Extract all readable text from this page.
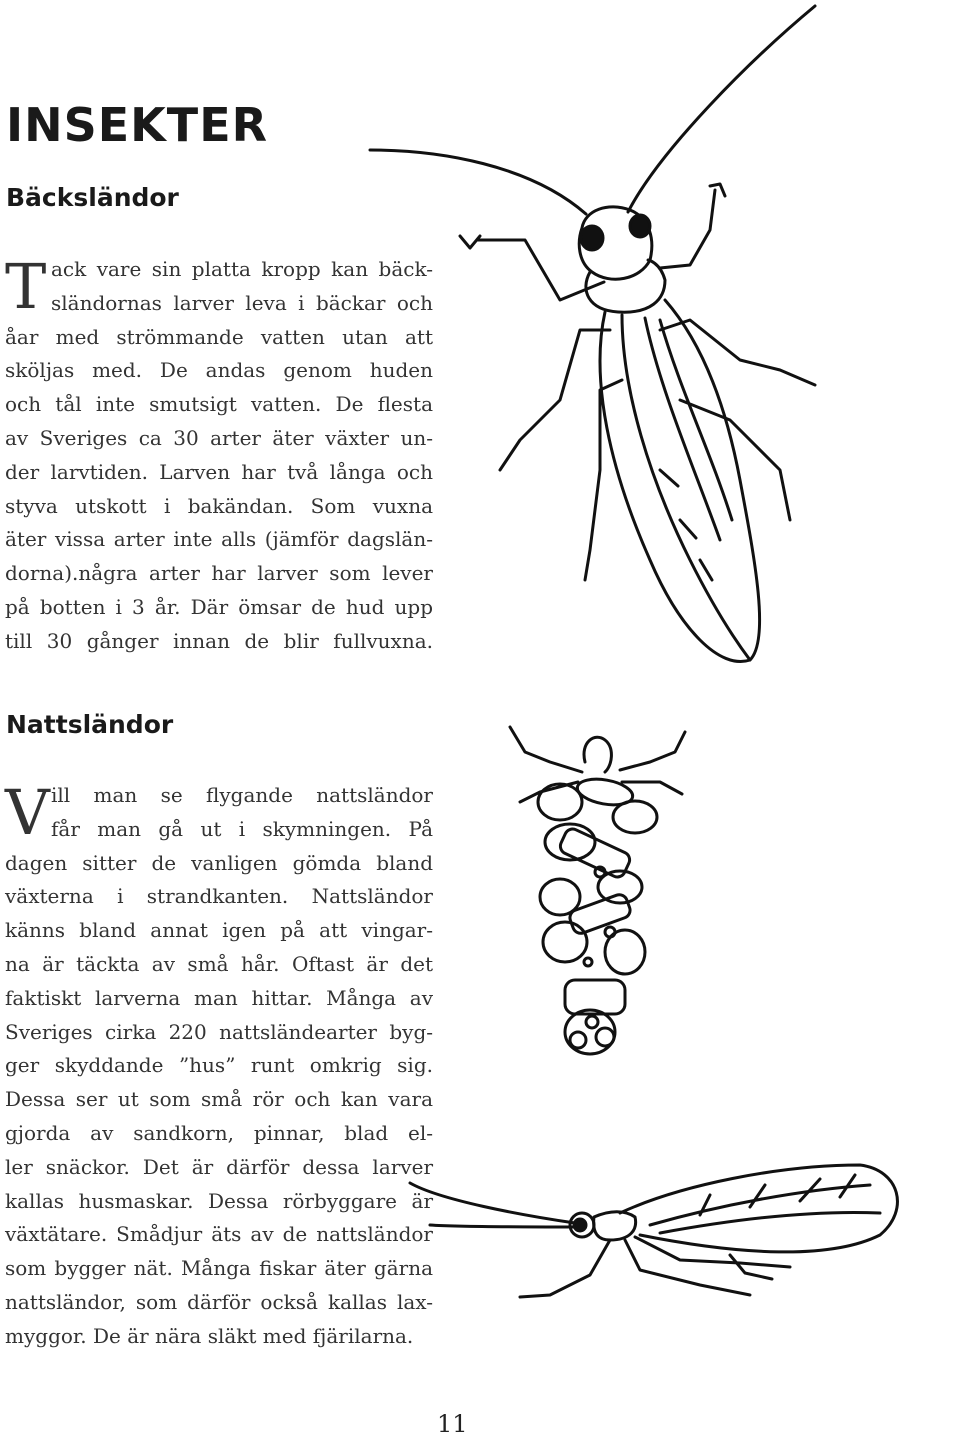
INSEKTER
Bäcksländor
T ack vare sin platta kropp kan bäck-
sländornas larver leva i bäckar och
åar med strömmande vatten utan att
sköljas med. De andas genom huden
och tål inte smutsigt vatten. De flesta
av Sveriges ca 30 arter äter växter un-
der larvtiden. Larven har två långa och
styva utskott i bakändan. Som vuxna
äter vissa arter inte alls (jämför dagslän-
dorna).några arter har larver som lever
på botten i 3 år. Där ömsar de hud upp
till 30 gånger innan de blir fullvuxna.
Nattsländor
V ill man se flygande nattsländor
får man gå ut i skymningen. På
dagen sitter de vanligen gömda bland
växterna i strandkanten. Nattsländor
känns bland annat igen på att vingar-
na är täckta av små hår. Oftast är det
faktiskt larverna man hittar. Många av
Sveriges cirka 220 nattsländearter byg-
ger skyddande ”hus” runt omkrig sig.
Dessa ser ut som små rör och kan vara
gjorda av sandkorn, pinnar, blad el-
ler snäckor. Det är därför dessa larver
kallas husmaskar. Dessa rörbyggare är
växtätare. Smådjur äts av de nattsländor
som bygger nät. Många fiskar äter gärna
nattsländor, som därför också kallas lax-
myggor. De är nära släkt med fjärilarna.
11
